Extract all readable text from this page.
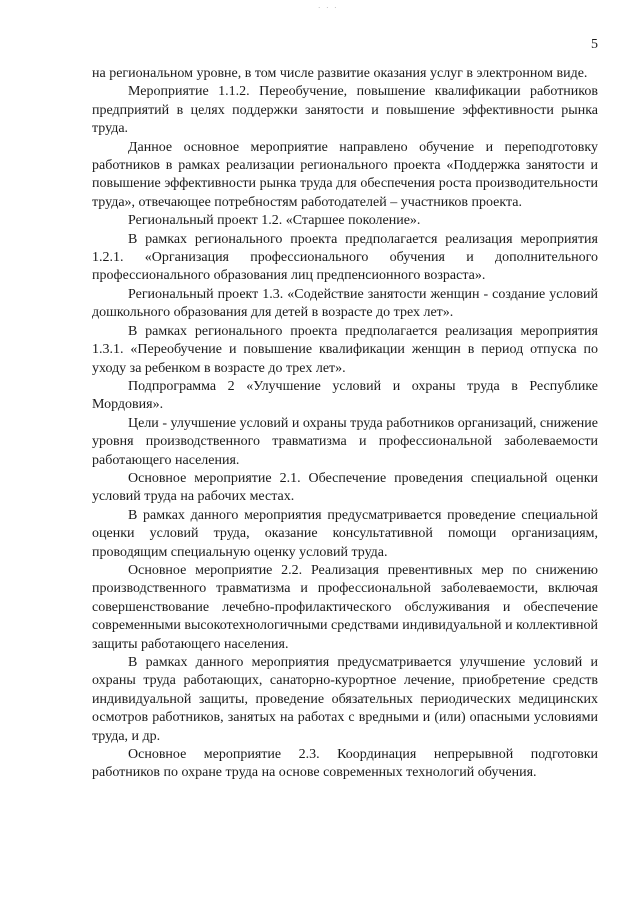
· · ·
5

на региональном уровне, в том числе развитие оказания услуг в электронном виде.

Мероприятие 1.1.2. Переобучение, повышение квалификации работников предприятий в целях поддержки занятости и повышение эффективности рынка труда.

Данное основное мероприятие направлено обучение и переподготовку работников в рамках реализации регионального проекта «Поддержка занятости и повышение эффективности рынка труда для обеспечения роста производительности труда», отвечающее потребностям работодателей – участников проекта.

Региональный проект 1.2. «Старшее поколение».

В рамках регионального проекта предполагается реализация мероприятия 1.2.1. «Организация профессионального обучения и дополнительного профессионального образования лиц предпенсионного возраста».

Региональный проект 1.3. «Содействие занятости женщин - создание условий дошкольного образования для детей в возрасте до трех лет».

В рамках регионального проекта предполагается реализация мероприятия 1.3.1. «Переобучение и повышение квалификации женщин в период отпуска по уходу за ребенком в возрасте до трех лет».

Подпрограмма 2 «Улучшение условий и охраны труда в Республике Мордовия».

Цели - улучшение условий и охраны труда работников организаций, снижение уровня производственного травматизма и профессиональной заболеваемости работающего населения.

Основное мероприятие 2.1. Обеспечение проведения специальной оценки условий труда на рабочих местах.

В рамках данного мероприятия предусматривается проведение специальной оценки условий труда, оказание консультативной помощи организациям, проводящим специальную оценку условий труда.

Основное мероприятие 2.2. Реализация превентивных мер по снижению производственного травматизма и профессиональной заболеваемости, включая совершенствование лечебно-профилактического обслуживания и обеспечение современными высокотехнологичными средствами индивидуальной и коллективной защиты работающего населения.

В рамках данного мероприятия предусматривается улучшение условий и охраны труда работающих, санаторно-курортное лечение, приобретение средств индивидуальной защиты, проведение обязательных периодических медицинских осмотров работников, занятых на работах с вредными и (или) опасными условиями труда, и др.

Основное мероприятие 2.3. Координация непрерывной подготовки работников по охране труда на основе современных технологий обучения.
